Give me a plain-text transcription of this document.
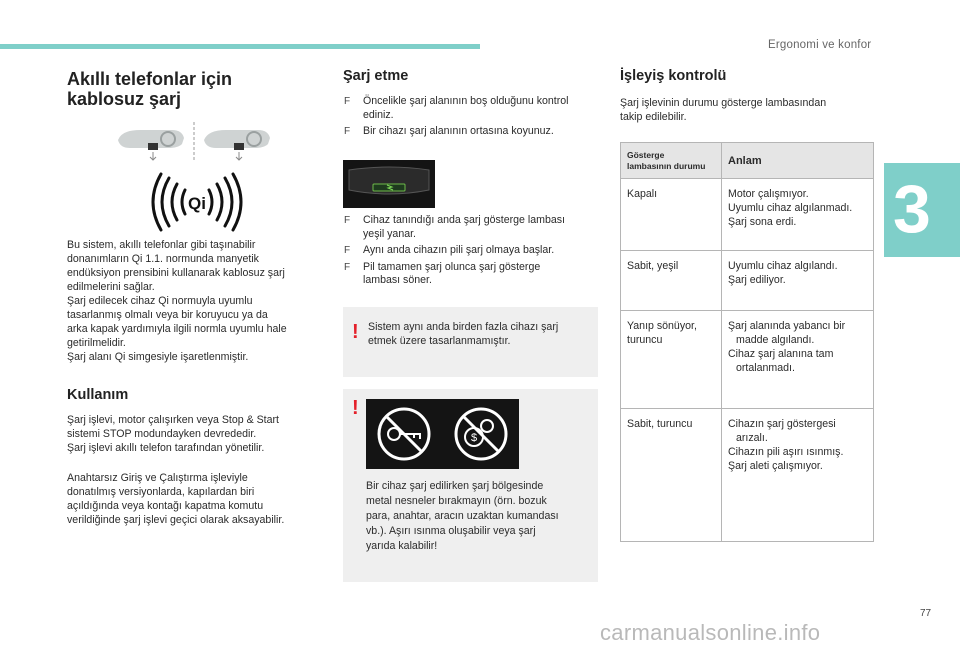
Ergonomi ve konfor
3
Akıllı telefonlar için
kablosuz şarj
Qi

Bu sistem, akıllı telefonlar gibi taşınabilir

donanımların Qi 1.1. normunda manyetik

endüksiyon prensibini kullanarak kablosuz şarj

edilmelerini sağlar.

Şarj edilecek cihaz Qi normuyla uyumlu

tasarlanmış olmalı veya bir koruyucu ya da

arka kapak yardımıyla ilgili normla uyumlu hale

getirilmelidir.

Şarj alanı Qi simgesiyle işaretlenmiştir.

Kullanım

Şarj işlevi, motor çalışırken veya Stop & Start

sistemi STOP modundayken devrededir.

Şarj işlevi akıllı telefon tarafından yönetilir.

Anahtarsız Giriş ve Çalıştırma işleviyle

donatılmış versiyonlarda, kapılardan biri

açıldığında veya kontağı kapatma komutu

verildiğinde şarj işlevi geçici olarak aksayabilir.

Şarj etme
F Öncelikle şarj alanının boş olduğunu kontrol
ediniz.
F Bir cihazı şarj alanının ortasına koyunuz.
F Cihaz tanındığı anda şarj gösterge lambası
yeşil yanar.
F Aynı anda cihazın pili şarj olmaya başlar.
F Pil tamamen şarj olunca şarj gösterge
lambası söner.
! Sistem aynı anda birden fazla cihazı şarj

etmek üzere tasarlanmamıştır.

!
$

Bir cihaz şarj edilirken şarj bölgesinde

metal nesneler bırakmayın (örn. bozuk

para, anahtar, aracın uzaktan kumandası

vb.). Aşırı ısınma oluşabilir veya şarj

yarıda kalabilir!

İşleyiş kontrolü

Şarj işlevinin durumu gösterge lambasından

takip edilebilir.

Gösterge
lambasının durumu	Anlam
Kapalı	Motor çalışmıyor.
Uyumlu cihaz algılanmadı.
Şarj sona erdi.

Sabit, yeşil	Uyumlu cihaz algılandı.
Şarj ediliyor.

Yanıp sönüyor,
turuncu	Şarj alanında yabancı bir
madde algılandı.
Cihaz şarj alanına tam
ortalanmadı.

Sabit, turuncu	Cihazın şarj göstergesi
arızalı.
Cihazın pili aşırı ısınmış.
Şarj aleti çalışmıyor.
77
carmanualsonline.info
